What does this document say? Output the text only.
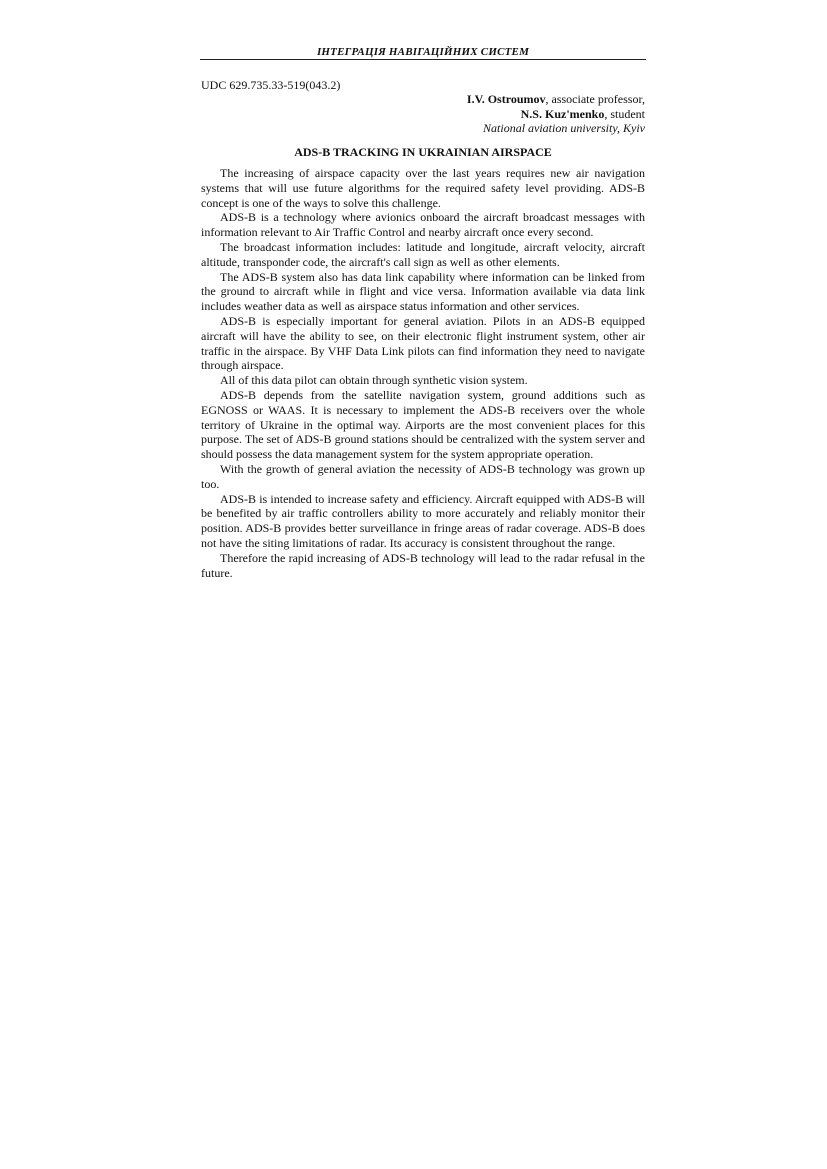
ІНТЕГРАЦІЯ НАВІГАЦІЙНИХ СИСТЕМ
UDC 629.735.33-519(043.2)
I.V. Ostroumov, associate professor,
N.S. Kuz'menko, student
National aviation university, Kyiv
ADS-B TRACKING IN UKRAINIAN AIRSPACE

The increasing of airspace capacity over the last years requires new air navigation systems that will use future algorithms for the required safety level providing. ADS-B concept is one of the ways to solve this challenge.

ADS-B is a technology where avionics onboard the aircraft broadcast messages with information relevant to Air Traffic Control and nearby aircraft once every second.

The broadcast information includes: latitude and longitude, aircraft velocity, aircraft altitude, transponder code, the aircraft's call sign as well as other elements.

The ADS-B system also has data link capability where information can be linked from the ground to aircraft while in flight and vice versa. Information available via data link includes weather data as well as airspace status information and other services.

ADS-B is especially important for general aviation. Pilots in an ADS-B equipped aircraft will have the ability to see, on their electronic flight instrument system, other air traffic in the airspace. By VHF Data Link pilots can find information they need to navigate through airspace.

All of this data pilot can obtain through synthetic vision system.

ADS-B depends from the satellite navigation system, ground additions such as EGNOSS or WAAS. It is necessary to implement the ADS-B receivers over the whole territory of Ukraine in the optimal way. Airports are the most convenient places for this purpose. The set of ADS-B ground stations should be centralized with the system server and should possess the data management system for the system appropriate operation.

With the growth of general aviation the necessity of ADS-B technology was grown up too.

ADS-B is intended to increase safety and efficiency. Aircraft equipped with ADS-B will be benefited by air traffic controllers ability to more accurately and reliably monitor their position. ADS-B provides better surveillance in fringe areas of radar coverage. ADS-B does not have the siting limitations of radar. Its accuracy is consistent throughout the range.

Therefore the rapid increasing of ADS-B technology will lead to the radar refusal in the future.
